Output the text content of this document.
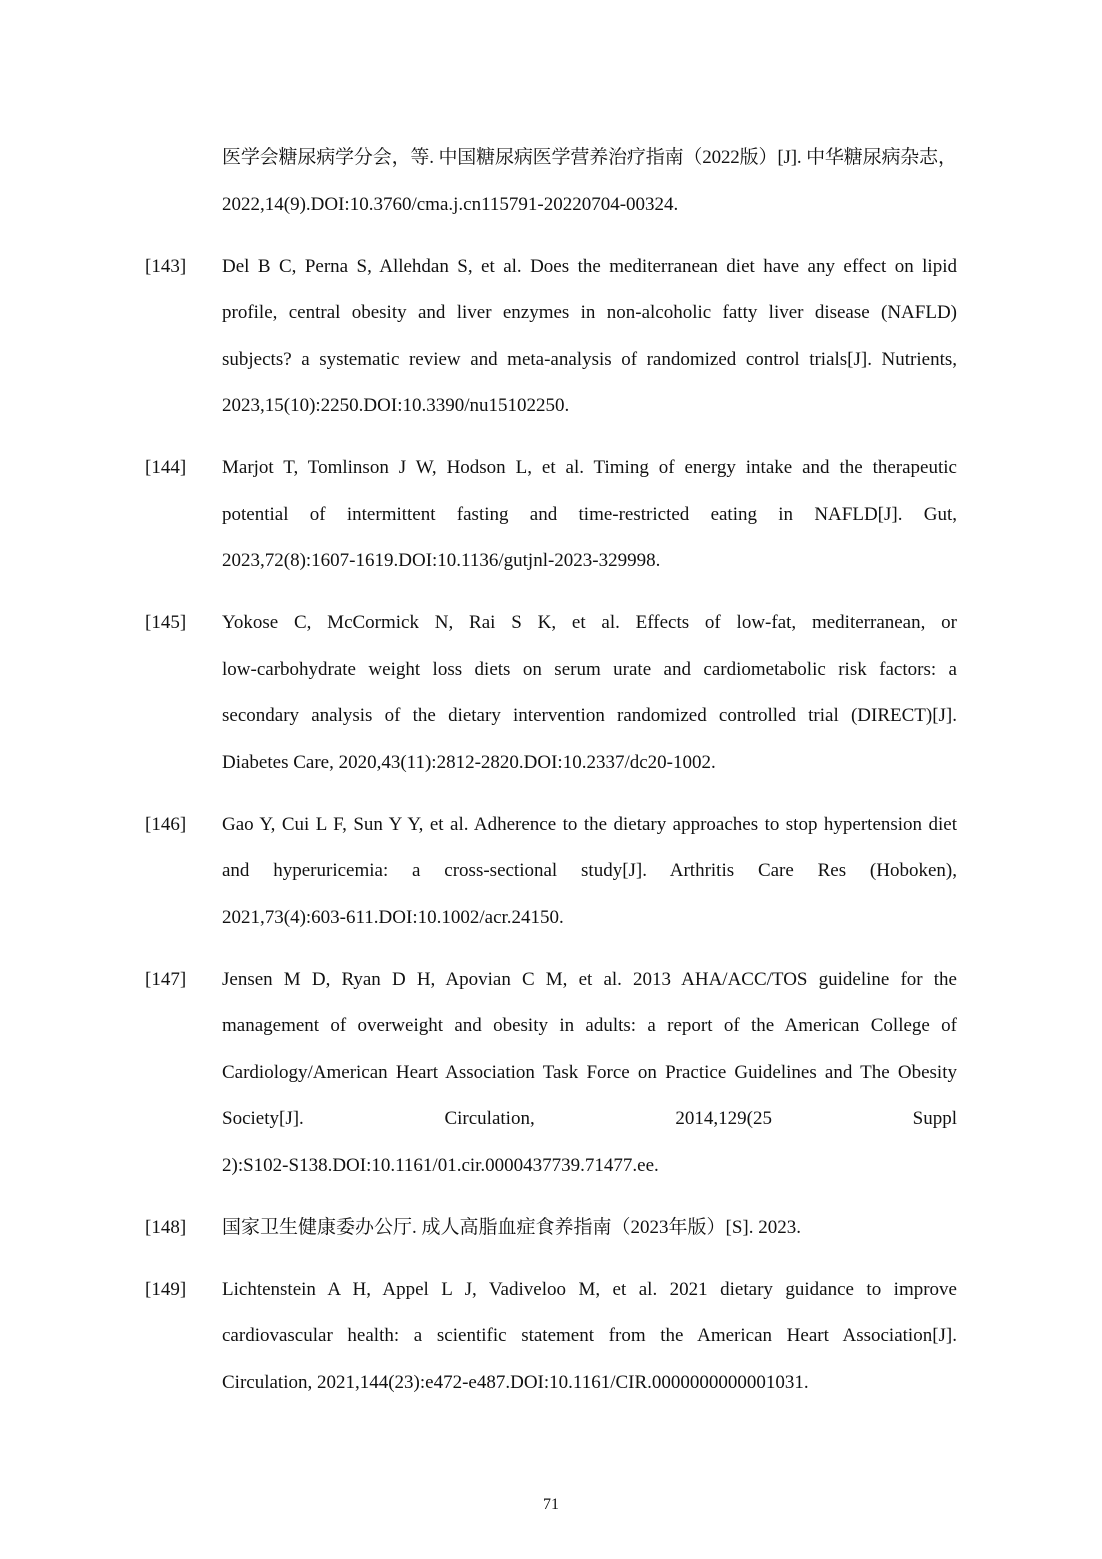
医学会糖尿病学分会，等. 中国糖尿病医学营养治疗指南（2022版）[J]. 中华糖尿病杂志，
2022,14(9).DOI:10.3760/cma.j.cn115791-20220704-00324.
[143] Del B C, Perna S, Allehdan S, et al. Does the mediterranean diet have any effect on lipid
profile, central obesity and liver enzymes in non-alcoholic fatty liver disease (NAFLD)
subjects? a systematic review and meta-analysis of randomized control trials[J]. Nutrients,
2023,15(10):2250.DOI:10.3390/nu15102250.
[144] Marjot T, Tomlinson J W, Hodson L, et al. Timing of energy intake and the therapeutic
potential of intermittent fasting and time-restricted eating in NAFLD[J]. Gut,
2023,72(8):1607-1619.DOI:10.1136/gutjnl-2023-329998.
[145] Yokose C, McCormick N, Rai S K, et al. Effects of low-fat, mediterranean, or
low-carbohydrate weight loss diets on serum urate and cardiometabolic risk factors: a
secondary analysis of the dietary intervention randomized controlled trial (DIRECT)[J].
Diabetes Care, 2020,43(11):2812-2820.DOI:10.2337/dc20-1002.
[146] Gao Y, Cui L F, Sun Y Y, et al. Adherence to the dietary approaches to stop hypertension diet
and hyperuricemia: a cross-sectional study[J]. Arthritis Care Res (Hoboken),
2021,73(4):603-611.DOI:10.1002/acr.24150.
[147] Jensen M D, Ryan D H, Apovian C M, et al. 2013 AHA/ACC/TOS guideline for the
management of overweight and obesity in adults: a report of the American College of
Cardiology/American Heart Association Task Force on Practice Guidelines and The Obesity
Society[J]. Circulation, 2014,129(25 Suppl
2):S102-S138.DOI:10.1161/01.cir.0000437739.71477.ee.
[148] 国家卫生健康委办公厅. 成人高脂血症食养指南（2023年版）[S]. 2023.
[149] Lichtenstein A H, Appel L J, Vadiveloo M, et al. 2021 dietary guidance to improve
cardiovascular health: a scientific statement from the American Heart Association[J].
Circulation, 2021,144(23):e472-e487.DOI:10.1161/CIR.0000000000001031.
71
